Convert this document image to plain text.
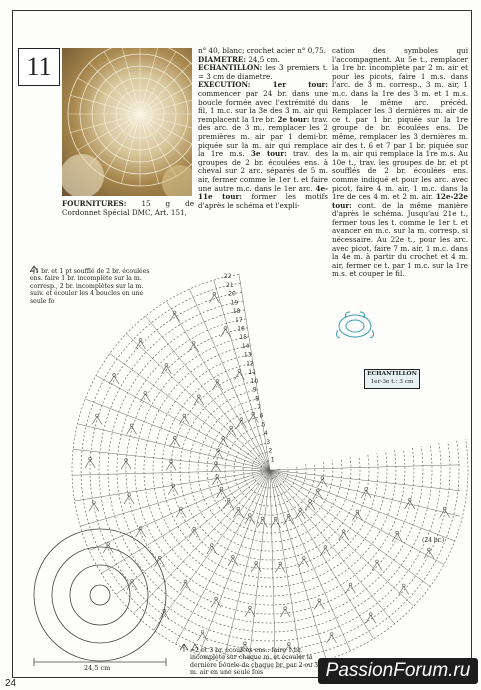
11
FOURNITURES: 15 g de Cordonnet Spécial DMC, Art. 151,
n° 40, blanc; crochet acier n° 0,75.
DIAMETRE: 24,5 cm.
ECHANTILLON: les 3 premiers t. = 3 cm de diametre.
EXECUTION: 1er tour: commencer par 24 br. dans une boucle formée avec l'extrémité du fil, 1 m.c. sur la 3e des 3 m. air qui remplacent la 1re br. 2e tour: trav. des arc. de 3 m., remplacer les 2 premières m. air par 1 demi-br. piquée sur la m. air qui remplace la 1re m.s. 3e tour: trav. des groupes de 2 br. écoulées ens. à cheval sur 2 arc. séparés de 5 m. air, fermer comme le 1er t. et faire une autre m.c. dans le 1er arc. 4e-11e tour: former les motifs d'après le schéma et l'expli-
cation des symboles qui l'accompagnent. Au 5e t., remplacer la 1re br. incomplète par 2 m. air et pour les picots, faire 1 m.s. dans l'arc. de 3 m. corresp., 3 m. air, 1 m.c. dans la 1re des 3 m. et 1 m.s. dans le même arc. précéd. Remplacer les 3 dernières m. air de ce t. par 1 br. piquée sur la 1re groupe de br. écoulées ens. De même, remplacer les 3 dernières m. air des t. 6 et 7 par 1 br. piquée sur la m. air qui remplace la 1re m.s. Au 10e t., trav. les groupes de br. et pt soufflés de 2 br. écoulées ens. comme indiqué et pour les arc. avec picot, faire 4 m. air, 1 m.c. dans la 1re de ces 4 m. et 2 m. air. 12e-22e tour: cont. de la même manière d'après le schéma. Jusqu'au 21e t., fermer tous les t. comme le 1er t. et avancer en m.c. sur la m. corresp. si nécessaire. Au 22e t., pour les arc. avec picot, faire 7 m. air, 1 m.c. dans la 4e m. à partir du crochet et 4 m. air, fermer ce t. par 1 m.c. sur la 1re m.s. et couper le fil.
22
21
20
19
18
17
16
15
14
13
12
11
10
9
8
7
6
5
4
3
2
1
=1 br. et 1 pt soufflé de 2 br. écoulées ens. faire 1 br. incomplète sur la m. corresp., 2 br. incomplètes sur la m. suiv. et écouler les 4 boucles en une seule fo
=2 et 3 br. écoulées ens.: faire 1 br. incomplète sur chaque m. et écouler la dernière boucle de chaque br. par 2 ou 3 m. air en une seule fois
ECHANTILLON
1er-3e t.: 3 cm
(24 br.)
24,5 cm
24
PassionForum.ru
